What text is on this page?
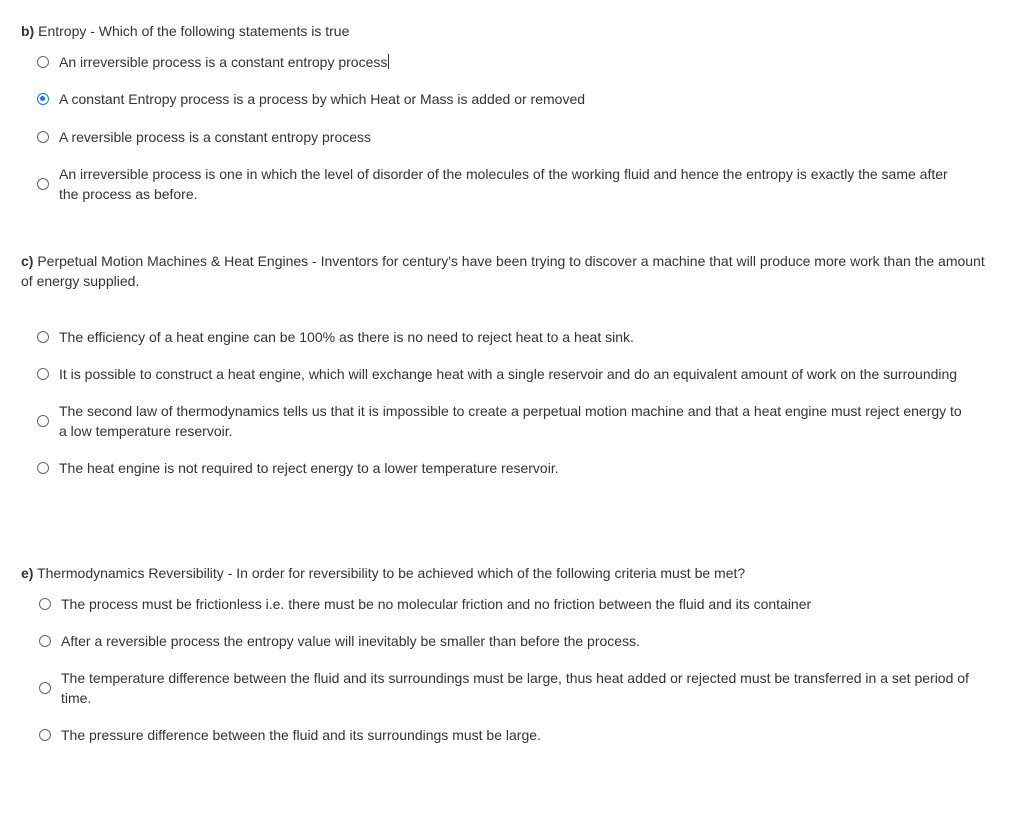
b) Entropy - Which of the following statements is true
An irreversible process is a constant entropy process
A constant Entropy process is a process by which Heat or Mass is added or removed
A reversible process is a constant entropy process
An irreversible process is one in which the level of disorder of the molecules of the working fluid and hence the entropy is exactly the same after the process as before.
c) Perpetual Motion Machines & Heat Engines - Inventors for century's have been trying to discover a machine that will produce more work than the amount of energy supplied.
The efficiency of a heat engine can be 100% as there is no need to reject heat to a heat sink.
It is possible to construct a heat engine, which will exchange heat with a single reservoir and do an equivalent amount of work on the surrounding
The second law of thermodynamics tells us that it is impossible to create a perpetual motion machine and that a heat engine must reject energy to a low temperature reservoir.
The heat engine is not required to reject energy to a lower temperature reservoir.
e) Thermodynamics Reversibility - In order for reversibility to be achieved which of the following criteria must be met?
The process must be frictionless i.e. there must be no molecular friction and no friction between the fluid and its container
After a reversible process the entropy value will inevitably be smaller than before the process.
The temperature difference between the fluid and its surroundings must be large, thus heat added or rejected must be transferred in a set period of time.
The pressure difference between the fluid and its surroundings must be large.
